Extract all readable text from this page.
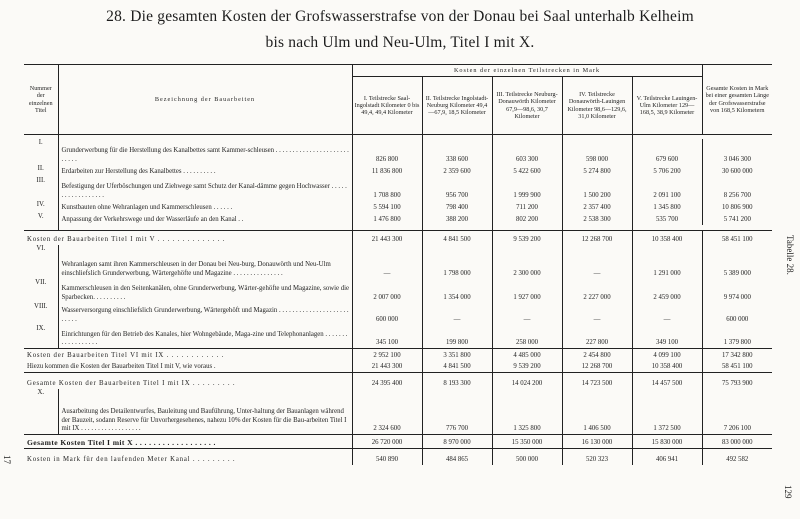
28. Die gesamten Kosten der Grofswasserstrafse von der Donau bei Saal unterhalb Kelheim
bis nach Ulm und Neu-Ulm, Titel I mit X.
Tabelle 28.
17
129
Nummer der einzelnen Titel	Bezeichnung der Bauarbeiten	Kosten der einzelnen Teilstrecken in Mark					Gesamte Kosten in Mark bei einer gesamten Länge der Grofswasserstrafse von 168,5 Kilometern
		I. Teilstrecke Saal-Ingolstadt Kilometer 0 bis 49,4, 49,4 Kilometer	II. Teilstrecke Ingolstadt-Neuburg Kilometer 49,4—67,9, 18,5 Kilometer	III. Teilstrecke Neuburg-Donauwörth Kilometer 67,9—98,6, 30,7 Kilometer	IV. Teilstrecke Donauwörth-Lauingen Kilometer 98,6—129,6, 31,0 Kilometer	V. Teilstrecke Lauingen-Ulm Kilometer 129—168,5, 38,9 Kilometer	

I.	Grunderwerbung für die Herstellung des Kanalbettes samt Kammer-schleusen . . . . . . . . . . . . . . . . . . . . . . . . . . .	826 800	338 600	603 300	598 000	679 600	3 046 300
II.	Erdarbeiten zur Herstellung des Kanalbettes . . . . . . . . . .	11 836 800	2 359 600	5 422 600	5 274 800	5 706 200	30 600 000
III.	Befestigung der Uferböschungen und Ziehwege samt Schutz der Kanal-dämme gegen Hochwasser . . . . . . . . . . . . . . . . . .	1 708 800	956 700	1 999 900	1 500 200	2 091 100	8 256 700
IV.	Kunstbauten ohne Wehranlagen und Kammerschleusen . . . . . .	5 594 100	798 400	711 200	2 357 400	1 345 800	10 806 900
V.	Anpassung der Verkehrswege und der Wasserläufe an den Kanal . .	1 476 800	388 200	802 200	2 538 300	535 700	5 741 200

Kosten der Bauarbeiten Titel I mit V . . . . . . . . . . . . . .		21 443 300	4 841 500	9 539 200	12 268 700	10 358 400	58 451 100
VI.	Wehranlagen samt ihren Kammerschleusen in der Donau bei Neu-burg, Donauwörth und Neu-Ulm einschliefslich Grunderwerbung, Wärtergehöfte und Magazine . . . . . . . . . . . . . . .	—	1 798 000	2 300 000	—	1 291 000	5 389 000
VII.	Kammerschleusen in den Seitenkanälen, ohne Grunderwerbung, Wärter-gehöfte und Magazine, sowie die Sparbecken. . . . . . . . . .	2 007 000	1 354 000	1 927 000	2 227 000	2 459 000	9 974 000
VIII.	Wasserversorgung einschliefslich Grunderwerbung, Wärtergehöft und Magazin . . . . . . . . . . . . . . . . . . . . . . . . . .	600 000	—	—	—	—	600 000
IX.	Einrichtungen für den Betrieb des Kanales, hier Wohngebäude, Maga-zine und Telephonanlagen . . . . . . . . . . . . . . . . . .	345 100	199 800	258 000	227 800	349 100	1 379 800
Kosten der Bauarbeiten Titel VI mit IX . . . . . . . . . . . .		2 952 100	3 351 800	4 485 000	2 454 800	4 099 100	17 342 800
Hiezu kommen die Kosten der Bauarbeiten Titel I mit V, wie voraus .		21 443 300	4 841 500	9 539 200	12 268 700	10 358 400	58 451 100
Gesamte Kosten der Bauarbeiten Titel I mit IX . . . . . . . . .		24 395 400	8 193 300	14 024 200	14 723 500	14 457 500	75 793 900
X.	Ausarbeitung des Detailentwurfes, Bauleitung und Bauführung, Unter-haltung der Bauanlagen während der Bauzeit, sodann Reserve für Unvorhergesehenes, nahezu 10% der Kosten für die Bau-arbeiten Titel I mit IX . . . . . . . . . . . . . . . . . .	2 324 600	776 700	1 325 800	1 406 500	1 372 500	7 206 100
Gesamte Kosten Titel I mit X . . . . . . . . . . . . . . . . . .		26 720 000	8 970 000	15 350 000	16 130 000	15 830 000	83 000 000
Kosten in Mark für den laufenden Meter Kanal . . . . . . . . .		540 890	484 865	500 000	520 323	406 941	492 582
